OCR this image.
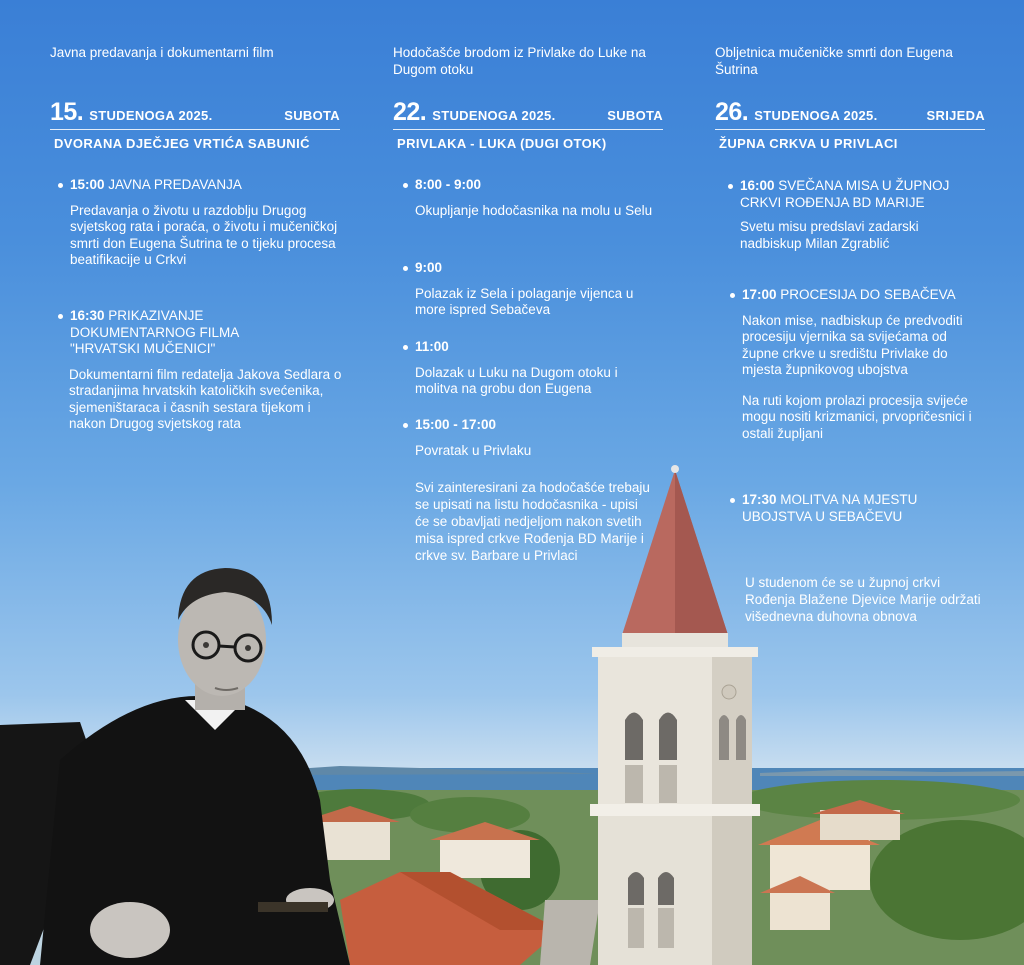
Javna predavanja i dokumentarni film
15. STUDENOGA 2025.	SUBOTA
DVORANA DJEČJEG VRTIĆA SABUNIĆ
15:00 JAVNA PREDAVANJA
Predavanja o životu u razdoblju Drugog svjetskog rata i poraća, o životu i mučeničkoj smrti don Eugena Šutrina te o tijeku procesa beatifikacije u Crkvi
16:30 PRIKAZIVANJE DOKUMENTARNOG FILMA "HRVATSKI MUČENICI"
Dokumentarni film redatelja Jakova Sedlara o stradanjima hrvatskih katoličkih svećenika, sjemeništaraca i časnih sestara tijekom i nakon Drugog svjetskog rata
Hodočašće brodom iz Privlake do Luke na Dugom otoku
22. STUDENOGA 2025.	SUBOTA
PRIVLAKA - LUKA (DUGI OTOK)
8:00 - 9:00
Okupljanje hodočasnika na molu u Selu
9:00
Polazak iz Sela i polaganje vijenca u more ispred Sebačeva
11:00
Dolazak u Luku na Dugom otoku i molitva na grobu don Eugena
15:00 - 17:00
Povratak u Privlaku
Svi zainteresirani za hodočašće trebaju se upisati na listu hodočasnika - upisi će se obavljati nedjeljom nakon svetih misa ispred crkve Rođenja BD Marije i crkve sv. Barbare u Privlaci
Obljetnica mučeničke smrti don Eugena Šutrina
26. STUDENOGA 2025.	SRIJEDA
ŽUPNA CRKVA U PRIVLACI
16:00 SVEČANA MISA U ŽUPNOJ CRKVI ROĐENJA BD MARIJE
Svetu misu predslavi zadarski nadbiskup Milan Zgrablić
17:00 PROCESIJA DO SEBAČEVA
Nakon mise, nadbiskup će predvoditi procesiju vjernika sa svijećama od župne crkve u središtu Privlake do mjesta župnikovog ubojstva
Na ruti kojom prolazi procesija svijeće mogu nositi krizmanici, prvopričesnici i ostali župljani
17:30 MOLITVA NA MJESTU UBOJSTVA U SEBAČEVU
U studenom će se u župnoj crkvi Rođenja Blažene Djevice Marije održati višednevna duhovna obnova
